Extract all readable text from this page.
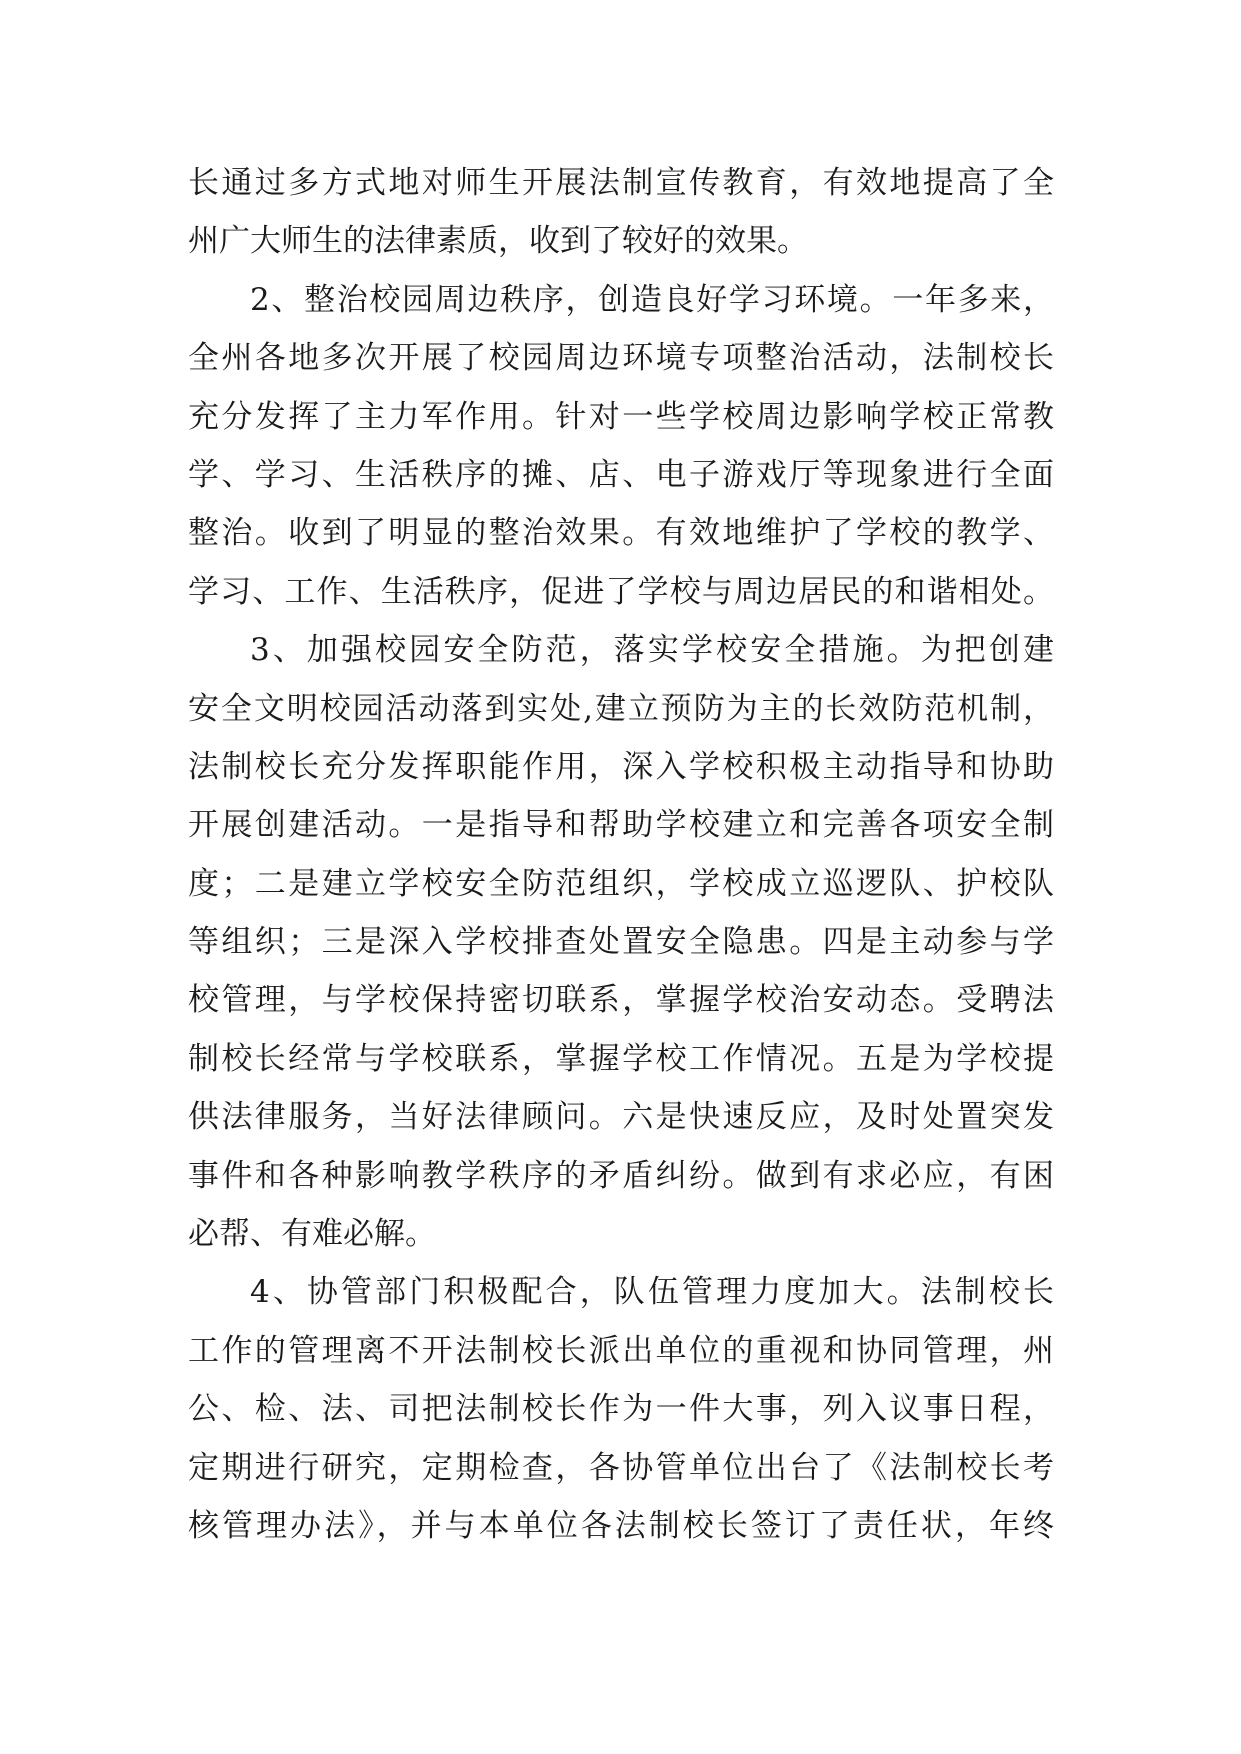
长通过多方式地对师生开展法制宣传教育，有效地提高了全
州广大师生的法律素质，收到了较好的效果。
2、整治校园周边秩序，创造良好学习环境。一年多来，
全州各地多次开展了校园周边环境专项整治活动，法制校长
充分发挥了主力军作用。针对一些学校周边影响学校正常教
学、学习、生活秩序的摊、店、电子游戏厅等现象进行全面
整治。收到了明显的整治效果。有效地维护了学校的教学、
学习、工作、生活秩序，促进了学校与周边居民的和谐相处。
3、加强校园安全防范，落实学校安全措施。为把创建
安全文明校园活动落到实处,建立预防为主的长效防范机制，
法制校长充分发挥职能作用，深入学校积极主动指导和协助
开展创建活动。一是指导和帮助学校建立和完善各项安全制
度；二是建立学校安全防范组织，学校成立巡逻队、护校队
等组织；三是深入学校排查处置安全隐患。四是主动参与学
校管理，与学校保持密切联系，掌握学校治安动态。受聘法
制校长经常与学校联系，掌握学校工作情况。五是为学校提
供法律服务，当好法律顾问。六是快速反应，及时处置突发
事件和各种影响教学秩序的矛盾纠纷。做到有求必应，有困
必帮、有难必解。
4、协管部门积极配合，队伍管理力度加大。法制校长
工作的管理离不开法制校长派出单位的重视和协同管理，州
公、检、法、司把法制校长作为一件大事，列入议事日程，
定期进行研究，定期检查，各协管单位出台了《法制校长考
核管理办法》，并与本单位各法制校长签订了责任状，年终
